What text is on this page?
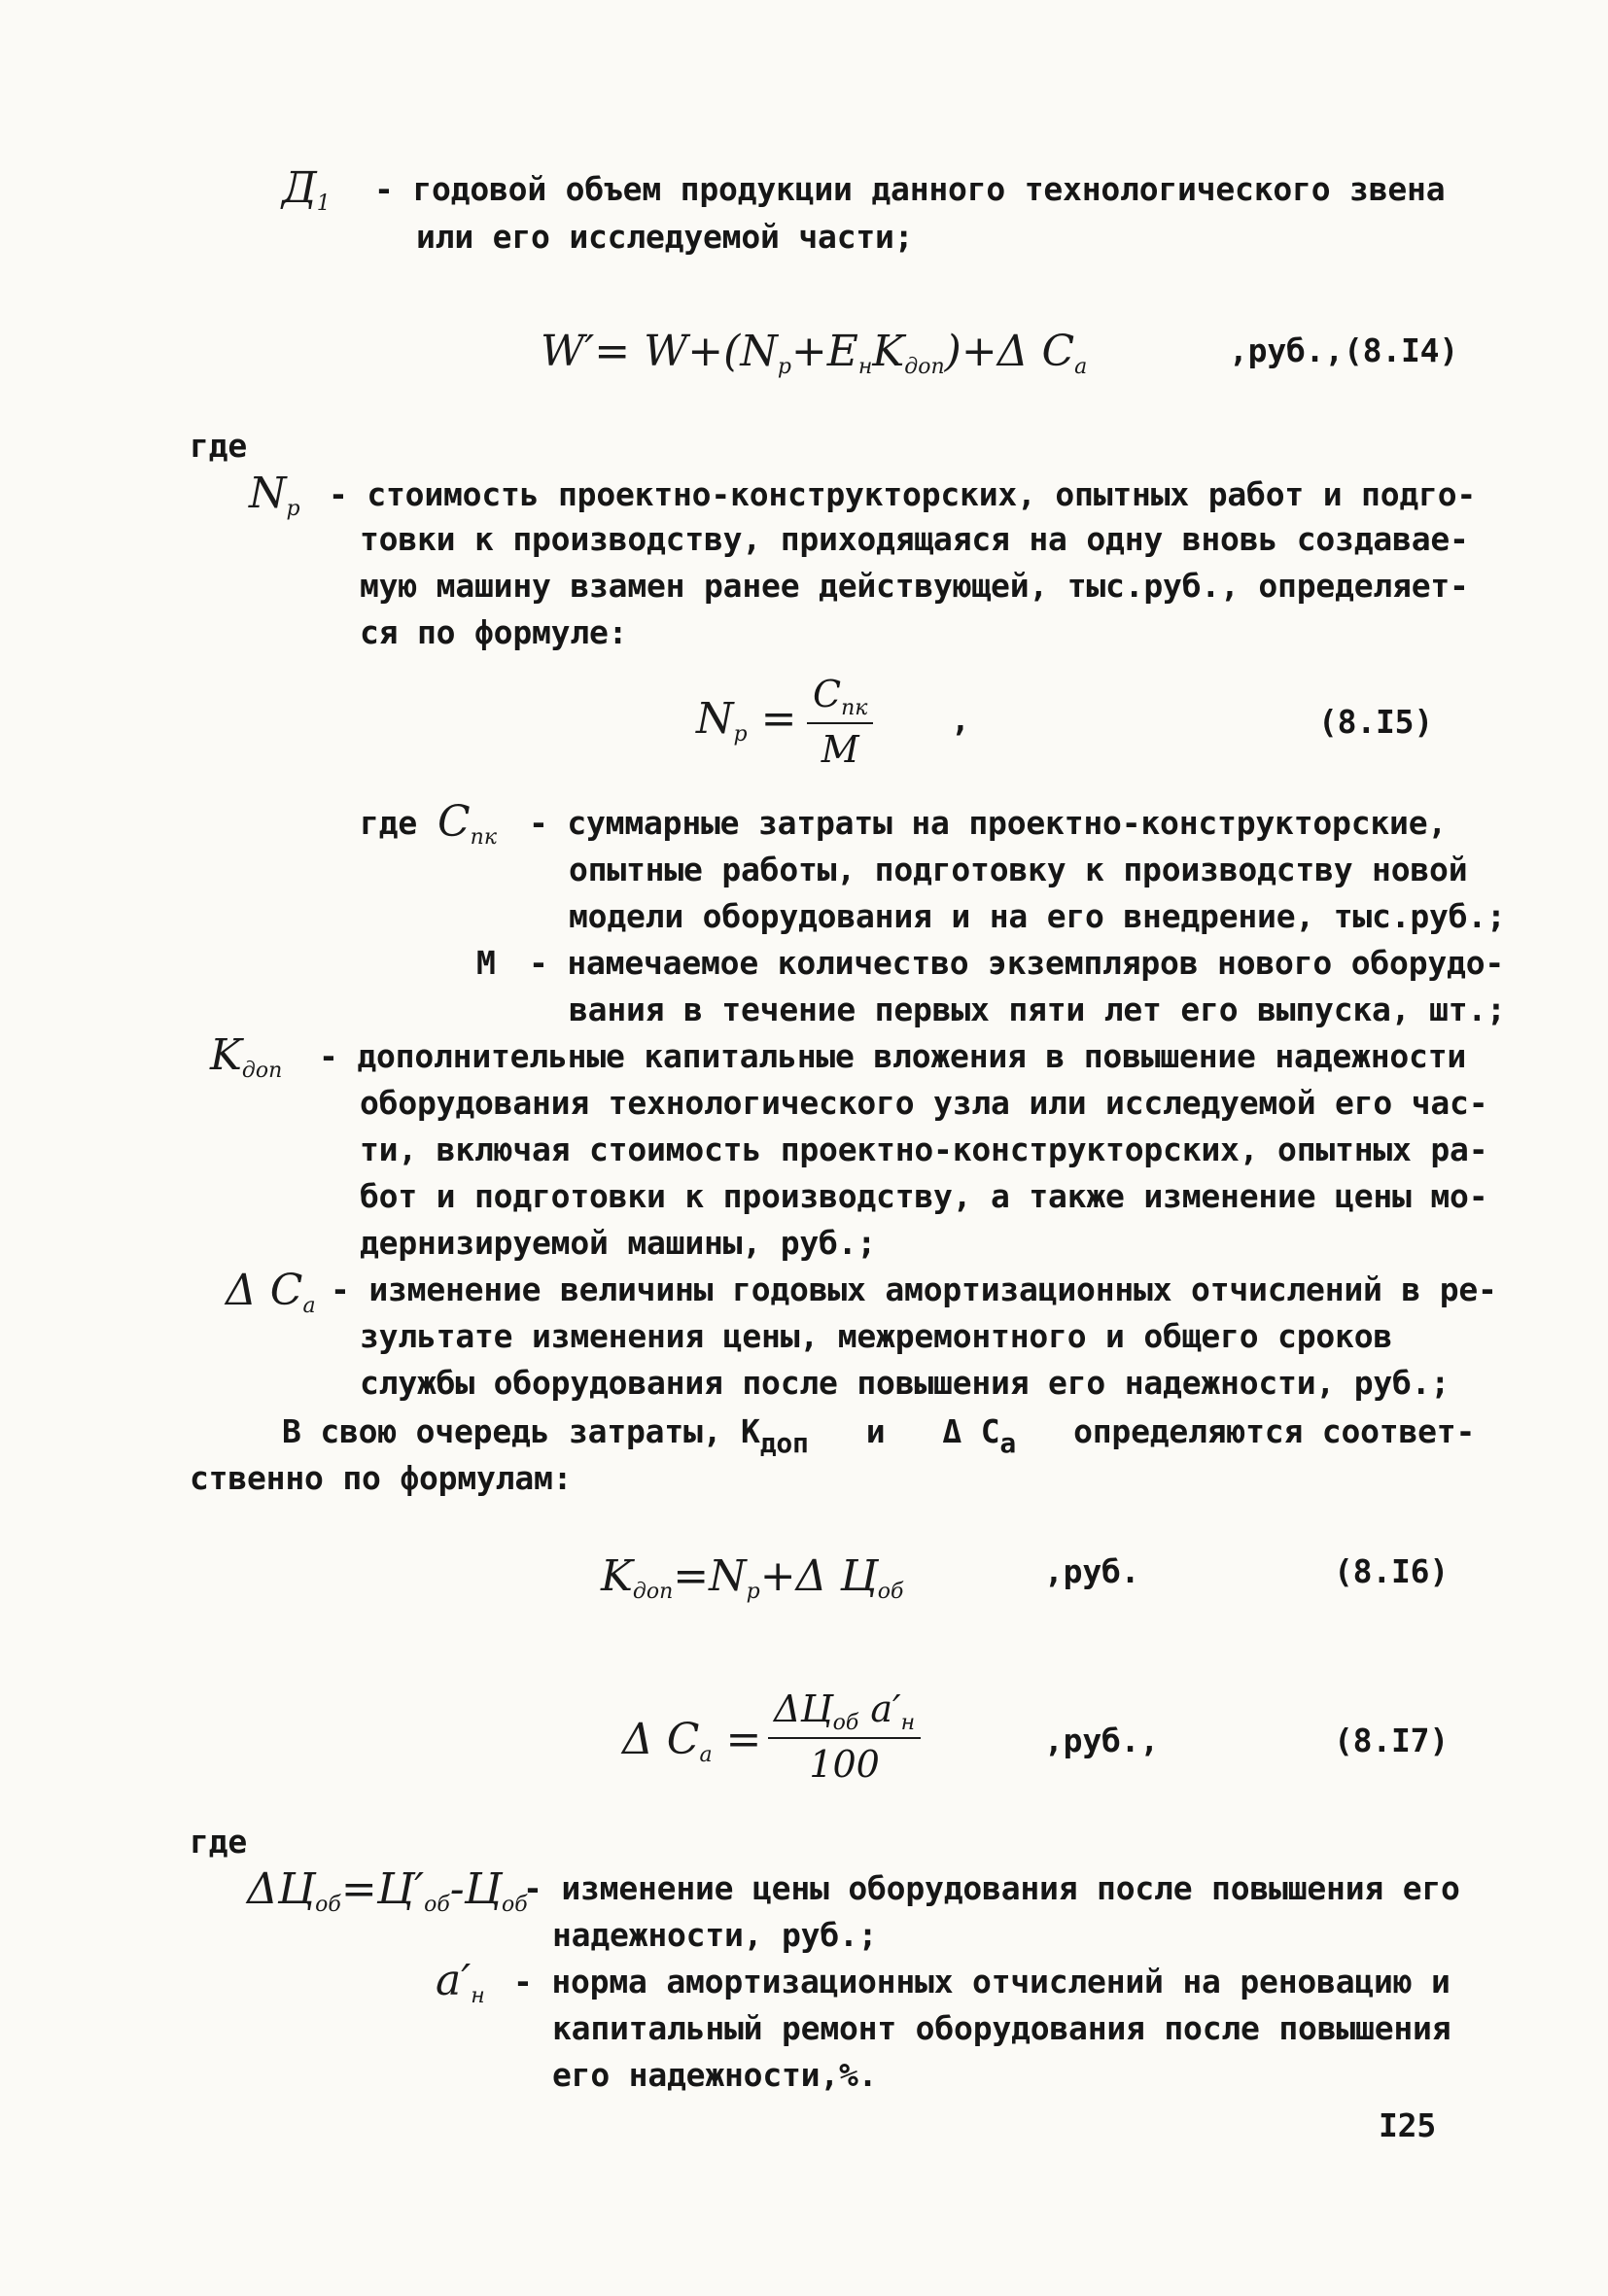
$Д_1$ - годовой объем продукции данного технологического звена
или его исследуемой части;
$W'= W+(N_р+E_нK_{доп})+\Delta$ $C_а$	,руб.,(8.I4)
где
$N_р$ - стоимость проектно-конструкторских, опытных работ и подго-
товки к производству, приходящаяся на одну вновь создавае-
мую машину взамен ранее действующей, тыс.руб., определяет-
ся по формуле:
$N_р = C_{пк}$
M
,	(8.I5)
где $C_{пк}$ - суммарные затраты на проектно-конструкторские,
опытные работы, подготовку к производству новой
модели оборудования и на его внедрение, тыс.руб.;
М - намечаемое количество экземпляров нового оборудо-
вания в течение первых пяти лет его выпуска, шт.;
$K_{доп}$ - дополнительные капитальные вложения в повышение надежности
оборудования технологического узла или исследуемой его час-
ти, включая стоимость проектно-конструкторских, опытных ра-
бот и подготовки к производству, а также изменение цены мо-
дернизируемой машины, руб.;
Δ $C_а$ - изменение величины годовых амортизационных отчислений в ре-
зультате изменения цены, межремонтного и общего сроков
службы оборудования после повышения его надежности, руб.;
В свою очередь затраты, $К_{доп}$ и Δ $С_а$ определяются соответ-
ственно по формулам:
$K_{доп}=N_р+\Delta$ $Ц_{об}$
,руб.	(8.I6)
Δ $C_а$ =
$\Delta Ц_{об}$ $a'_н$
100
,руб.,	(8.I7)
где
$\Delta Ц_{об}=Ц'_{об}-Ц_{об}$
- изменение цены оборудования после повышения его
надежности, руб.;
$a'_н$ - норма амортизационных отчислений на реновацию и
капитальный ремонт оборудования после повышения
его надежности,%.
I25
